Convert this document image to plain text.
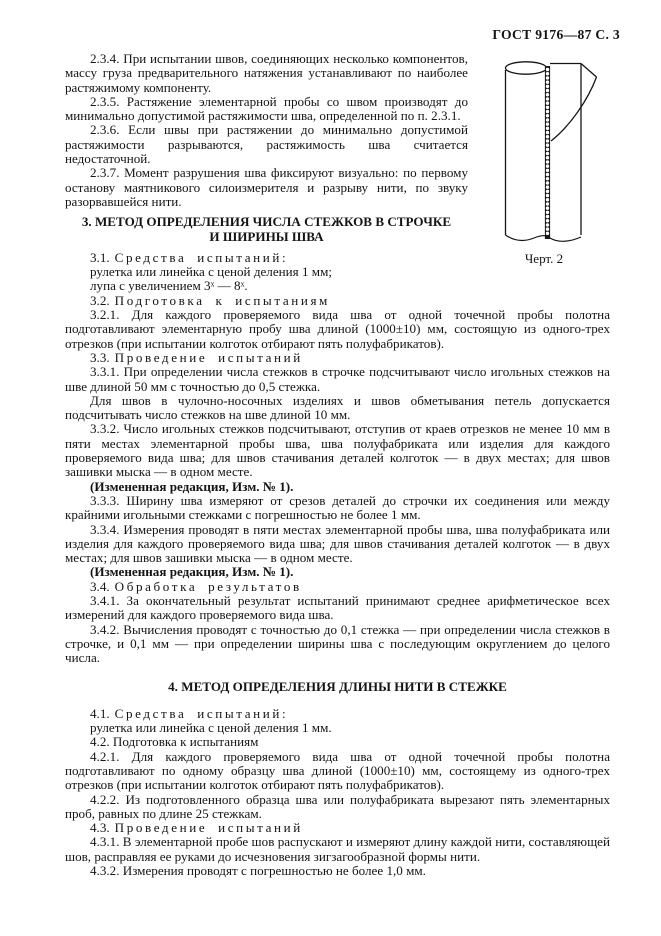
ГОСТ 9176—87 С. 3
Черт. 2

2.3.4. При испытании швов, соединяющих несколько компонентов, массу груза предварительного натяжения устанавливают по наиболее растяжимому компоненту.

2.3.5. Растяжение элементарной пробы со швом производят до минимально допустимой растяжимости шва, определенной по п. 2.3.1.

2.3.6. Если швы при растяжении до минимально допустимой растяжимости разрываются, растяжимость шва считается недостаточной.

2.3.7. Момент разрушения шва фиксируют визуально: по первому останову маятникового силоизмерителя и разрыву нити, по звуку разорвавшейся нити.

3. МЕТОД ОПРЕДЕЛЕНИЯ ЧИСЛА СТЕЖКОВ В СТРОЧКЕ
И ШИРИНЫ ШВА

3.1. Средства испытаний:

рулетка или линейка с ценой деления 1 мм;

лупа с увеличением 3ˣ — 8ˣ.

3.2. Подготовка к испытаниям

3.2.1. Для каждого проверяемого вида шва от одной точечной пробы полотна подготавливают элементарную пробу шва длиной (1000±10) мм, состоящую из одного-трех отрезков (при испытании колготок отбирают пять полуфабрикатов).

3.3. Проведение испытаний

3.3.1. При определении числа стежков в строчке подсчитывают число игольных стежков на шве длиной 50 мм с точностью до 0,5 стежка.

Для швов в чулочно-носочных изделиях и швов обметывания петель допускается подсчитывать число стежков на шве длиной 10 мм.

3.3.2. Число игольных стежков подсчитывают, отступив от краев отрезков не менее 10 мм в пяти местах элементарной пробы шва, шва полуфабриката или изделия для каждого проверяемого вида шва; для швов стачивания деталей колготок — в двух местах; для швов зашивки мыска — в одном месте.

(Измененная редакция, Изм. № 1).

3.3.3. Ширину шва измеряют от срезов деталей до строчки их соединения или между крайними игольными стежками с погрешностью не более 1 мм.

3.3.4. Измерения проводят в пяти местах элементарной пробы шва, шва полуфабриката или изделия для каждого проверяемого вида шва; для швов стачивания деталей колготок — в двух местах; для швов зашивки мыска — в одном месте.

(Измененная редакция, Изм. № 1).

3.4. Обработка результатов

3.4.1. За окончательный результат испытаний принимают среднее арифметическое всех измерений для каждого проверяемого вида шва.

3.4.2. Вычисления проводят с точностью до 0,1 стежка — при определении числа стежков в строчке, и 0,1 мм — при определении ширины шва с последующим округлением до целого числа.

4. МЕТОД ОПРЕДЕЛЕНИЯ ДЛИНЫ НИТИ В СТЕЖКЕ

4.1. Средства испытаний:

рулетка или линейка с ценой деления 1 мм.

4.2. Подготовка к испытаниям

4.2.1. Для каждого проверяемого вида шва от одной точечной пробы полотна подготавливают по одному образцу шва длиной (1000±10) мм, состоящему из одного-трех отрезков (при испытании колготок отбирают пять полуфабрикатов).

4.2.2. Из подготовленного образца шва или полуфабриката вырезают пять элементарных проб, равных по длине 25 стежкам.

4.3. Проведение испытаний

4.3.1. В элементарной пробе шов распускают и измеряют длину каждой нити, составляющей шов, расправляя ее руками до исчезновения зигзагообразной формы нити.

4.3.2. Измерения проводят с погрешностью не более 1,0 мм.
